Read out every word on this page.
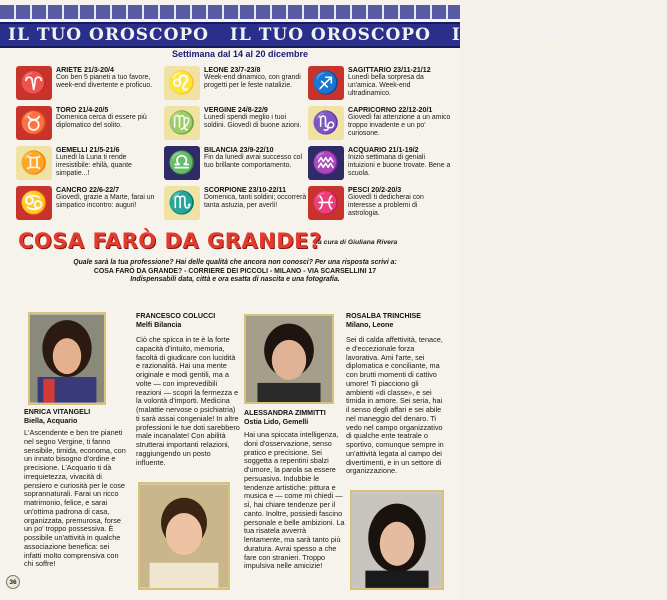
IL TUO OROSCOPO IL TUO OROSCOPO IL TUO OROSCOPO
Settimana dal 14 al 20 dicembre
♈	ARIETE 21/3-20/4
Con ben 5 pianeti a tuo favore, week-end divertente e proficuo.
♉	TORO 21/4-20/5
Domenica cerca di essere più diplomatico del solito.
♊	GEMELLI 21/5-21/6
Lunedì la Luna ti rende irresistibile: ehilà, quante simpatie...!
♋	CANCRO 22/6-22/7
Giovedì, grazie a Marte, farai un simpatico incontro: auguri!
♌	LEONE 23/7-23/8
Week-end dinamico, con grandi progetti per le feste natalizie.
♍	VERGINE 24/8-22/9
Lunedì spendi meglio i tuoi soldini. Giovedì di buone azioni.
♎	BILANCIA 23/9-22/10
Fin da lunedì avrai successo col tuo brillante comportamento.
♏	SCORPIONE 23/10-22/11
Domenica, tanti soldini; occorrerà tanta astuzia, per averli!
♐	SAGITTARIO 23/11-21/12
Lunedì bella sorpresa da un'amica. Week-end ultradinamico.
♑	CAPRICORNO 22/12-20/1
Giovedì fai attenzione a un amico troppo invadente e un po' curiosone.
♒	ACQUARIO 21/1-19/2
Inizio settimana di geniali intuizioni e buone trovate. Bene a scuola.
♓	PESCI 20/2-20/3
Giovedì ti dedicherai con interesse a problemi di astrologia.
COSA FARÒ DA GRANDE?
a cura di Giuliana Rivera
Quale sarà la tua professione? Hai delle qualità che ancora non conosci? Per una risposta scrivi a:
COSA FARÒ DA GRANDE? - CORRIERE DEI PICCOLI - MILANO - VIA SCARSELLINI 17
Indispensabili data, città e ora esatta di nascita e una fotografia.
ENRICA VITANGELI
Biella, Acquario
L'Ascendente e ben tre pianeti nel segno Vergine, ti fanno sensibile, timida, economa, con un innato bisogno d'ordine e precisione. L'Acquario ti dà irrequietezza, vivacità di pensiero e curiosità per le cose soprannaturali. Farai un ricco matrimonio, felice, e sarai un'ottima padrona di casa, organizzata, premurosa, forse un po' troppo possessiva. È possibile un'attività in qualche associazione benefica: sei infatti molto comprensiva con chi soffre!
FRANCESCO COLUCCI
Melfi Bilancia
Ciò che spicca in te è la forte capacità d'intuito, memoria, facoltà di giudicare con lucidità e razionalità. Hai una mente originale e modi gentili, ma a volte — con imprevedibili reazioni — scopri la fermezza e la volontà d'importi. Medicina (malattie nervose o psichiatria) ti sarà assai congeniale! In altre professioni le tue doti sarebbero male incanalate! Con abilità strutterai importanti relazioni, raggiungendo un posto influente.
ALESSANDRA ZIMMITTI
Ostia Lido, Gemelli
Hai una spiccata intelligenza, doni d'osservazione, senso pratico e precisione. Sei soggetta a repentini sbalzi d'umore, la parola sa essere persuasiva. Indubbie le tendenze artistiche: pittura e musica e — come mi chiedi — sì, hai chiare tendenze per il canto. Inoltre, possiedi fascino personale e belle ambizioni. La tua risatela avverrà lentamente, ma sarà tanto più duratura. Avrai spesso a che fare con stranieri. Troppo impulsiva nelle amicizie!
ROSALBA TRINCHISE
Milano, Leone
Sei di calda affettività, tenace, e d'eccezionale forza lavorativa. Ami l'arte, sei diplomatica e conciliante, ma con brutti momenti di cattivo umore! Ti piacciono gli ambienti «di classe», e sei timida in amore. Sei seria, hai il senso degli affari e sei abile nel maneggio del denaro. Ti vedo nel campo organizzativo di qualche ente teatrale o sportivo, comunque sempre in un'attività legata al campo dei divertimenti, e in un settore di organizzazione.
36
